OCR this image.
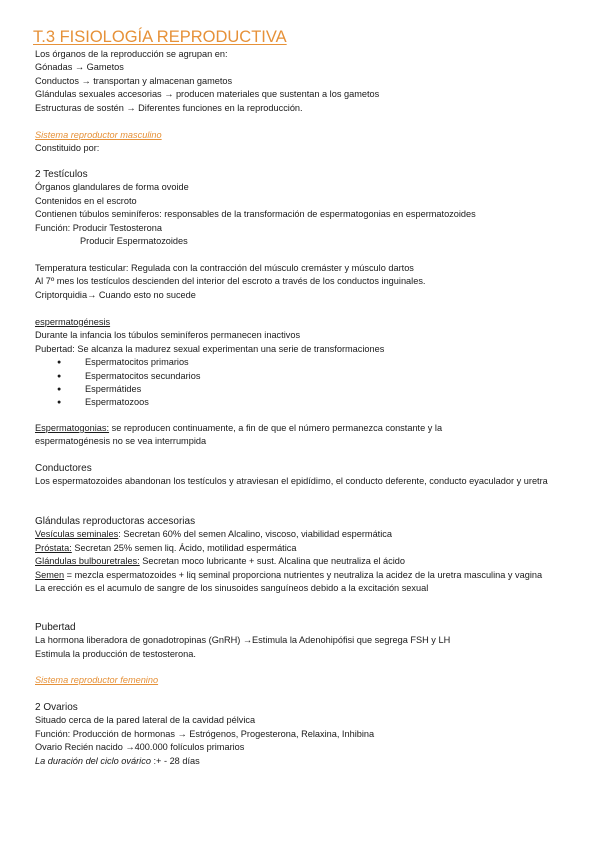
T.3 FISIOLOGÍA REPRODUCTIVA

Los órganos de la reproducción se agrupan en:

Gónadas → Gametos

Conductos → transportan y almacenan gametos

Glándulas sexuales accesorias → producen materiales que sustentan a los gametos

Estructuras de sostén → Diferentes funciones en la reproducción.

Sistema reproductor masculino

Constituido por:

2 Testículos

Órganos glandulares de forma ovoide

Contenidos en el escroto

Contienen túbulos seminíferos: responsables de la transformación de espermatogonias en espermatozoides

Función: Producir Testosterona

Producir Espermatozoides

Temperatura testicular: Regulada con la contracción del músculo cremáster y músculo dartos

Al 7º mes los testículos descienden del interior del escroto a través de los conductos inguinales.

Criptorquidia→ Cuando esto no sucede

espermatogénesis

Durante la infancia los túbulos seminíferos permanecen inactivos

Pubertad: Se alcanza la madurez sexual experimentan una serie de transformaciones

● Espermatocitos primarios
● Espermatocitos secundarios
● Espermátides
● Espermatozoos
Espermatogonias: se reproducen continuamente, a fin de que el número permanezca constante y la espermatogénesis no se vea interrumpida

Conductores

Los espermatozoides abandonan los testículos y atraviesan el epidídimo, el conducto deferente, conducto eyaculador y uretra

Glándulas reproductoras accesorias

Vesículas seminales: Secretan 60% del semen Alcalino, viscoso, viabilidad espermática

Próstata: Secretan 25% semen liq. Ácido, motilidad espermática

Glándulas bulbouretrales: Secretan moco lubricante + sust. Alcalina que neutraliza el ácido

Semen = mezcla espermatozoides + liq seminal proporciona nutrientes y neutraliza la acidez de la uretra masculina y vagina

La erección es el acumulo de sangre de los sinusoides sanguíneos debido a la excitación sexual

Pubertad

La hormona liberadora de gonadotropinas (GnRH) →Estimula la Adenohipófisi que segrega FSH y LH

Estimula la producción de testosterona.

Sistema reproductor femenino

2 Ovarios

Situado cerca de la pared lateral de la cavidad pélvica

Función: Producción de hormonas → Estrógenos, Progesterona, Relaxina, Inhibina

Ovario Recién nacido →400.000 folículos primarios

La duración del ciclo ovárico :+ - 28 días
